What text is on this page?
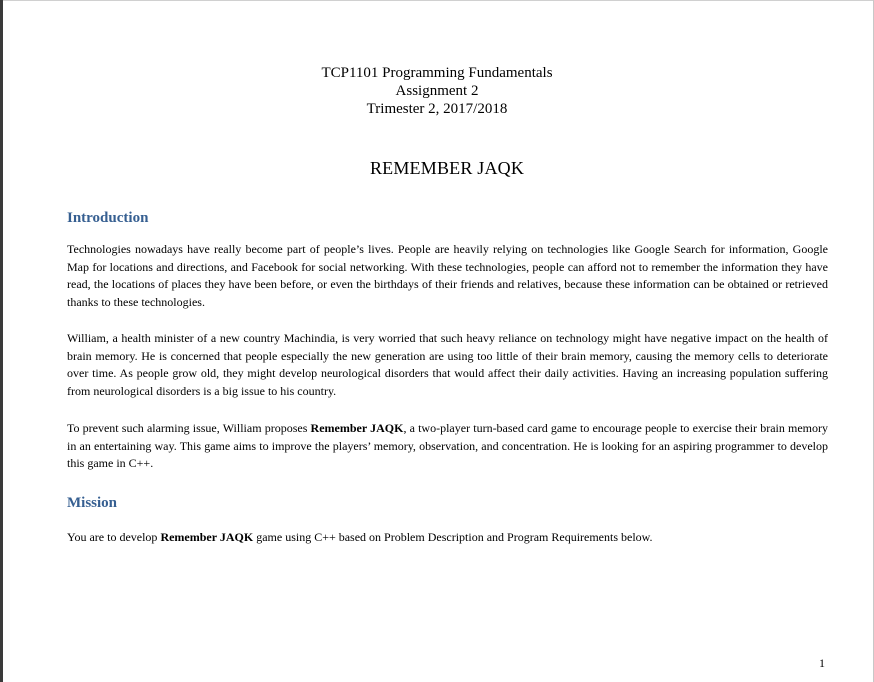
TCP1101 Programming Fundamentals
Assignment 2
Trimester 2, 2017/2018
REMEMBER JAQK
Introduction

Technologies nowadays have really become part of people’s lives. People are heavily relying on technologies like Google Search for information, Google Map for locations and directions, and Facebook for social networking. With these technologies, people can afford not to remember the information they have read, the locations of places they have been before, or even the birthdays of their friends and relatives, because these information can be obtained or retrieved thanks to these technologies.

William, a health minister of a new country Machindia, is very worried that such heavy reliance on technology might have negative impact on the health of brain memory. He is concerned that people especially the new generation are using too little of their brain memory, causing the memory cells to deteriorate over time. As people grow old, they might develop neurological disorders that would affect their daily activities. Having an increasing population suffering from neurological disorders is a big issue to his country.

To prevent such alarming issue, William proposes Remember JAQK, a two-player turn-based card game to encourage people to exercise their brain memory in an entertaining way. This game aims to improve the players’ memory, observation, and concentration. He is looking for an aspiring programmer to develop this game in C++.

Mission

You are to develop Remember JAQK game using C++ based on Problem Description and Program Requirements below.

1
